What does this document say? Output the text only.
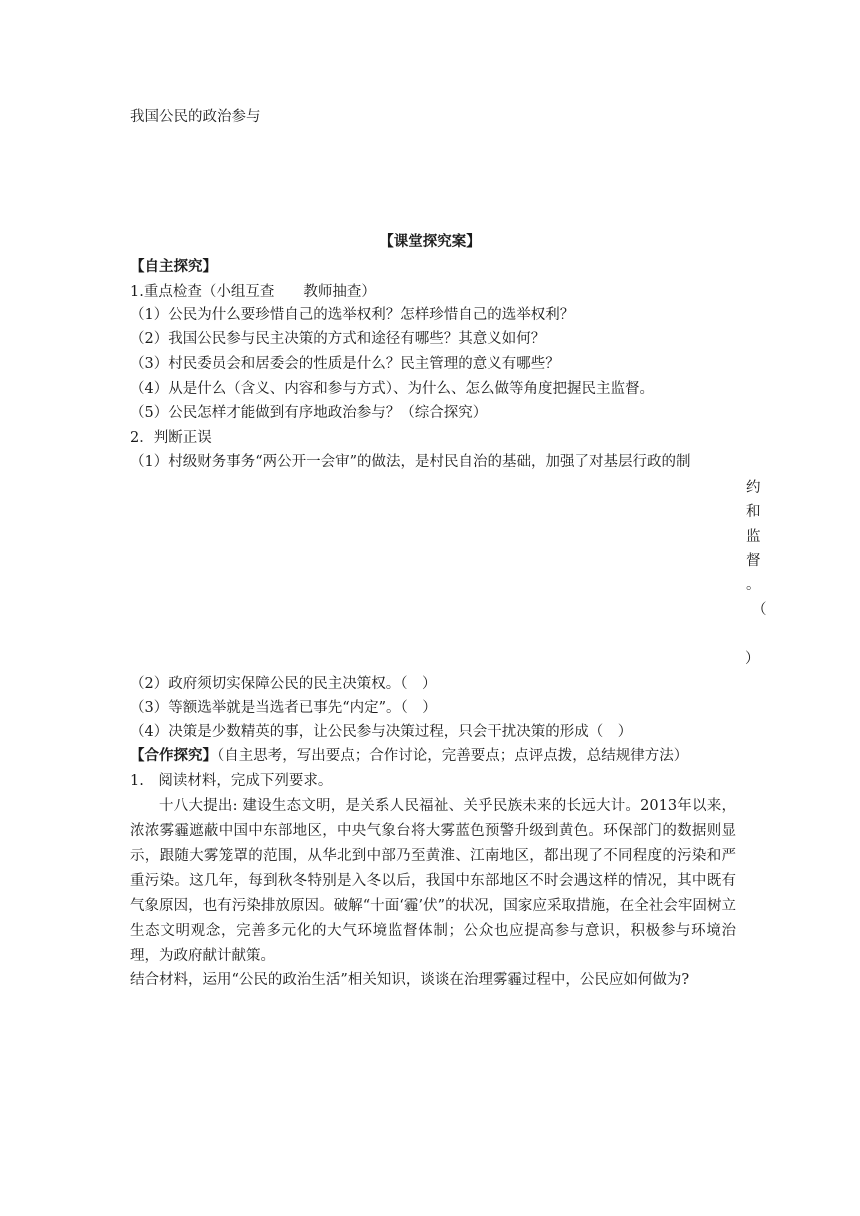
我国公民的政治参与
【课堂探究案】
【自主探究】
1.重点检查（小组互查　　教师抽查）
（1）公民为什么要珍惜自己的选举权利？怎样珍惜自己的选举权利？
（2）我国公民参与民主决策的方式和途径有哪些？其意义如何？
（3）村民委员会和居委会的性质是什么？民主管理的意义有哪些？
（4）从是什么（含义、内容和参与方式）、为什么、怎么做等角度把握民主监督。
（5）公民怎样才能做到有序地政治参与？（综合探究）
2．判断正误
（1）村级财务事务“两公开一会审”的做法，是村民自治的基础，加强了对基层行政的制
约
和
监
督
。
（
）
（2）政府须切实保障公民的民主决策权。（　）
（3）等额选举就是当选者已事先“内定”。（　）
（4）决策是少数精英的事，让公民参与决策过程，只会干扰决策的形成（　）
【合作探究】（自主思考，写出要点；合作讨论，完善要点；点评点拨，总结规律方法）
1.　阅读材料，完成下列要求。
十八大提出: 建设生态文明，是关系人民福祉、关乎民族未来的长远大计。2013年以来，浓浓雾霾遮蔽中国中东部地区，中央气象台将大雾蓝色预警升级到黄色。环保部门的数据则显示，跟随大雾笼罩的范围，从华北到中部乃至黄淮、江南地区，都出现了不同程度的污染和严重污染。这几年，每到秋冬特别是入冬以后，我国中东部地区不时会遇这样的情况，其中既有气象原因，也有污染排放原因。破解“十面‘霾’伏”的状况，国家应采取措施，在全社会牢固树立生态文明观念，完善多元化的大气环境监督体制；公众也应提高参与意识，积极参与环境治理，为政府献计献策。
结合材料，运用“公民的政治生活”相关知识，谈谈在治理雾霾过程中，公民应如何做为?
